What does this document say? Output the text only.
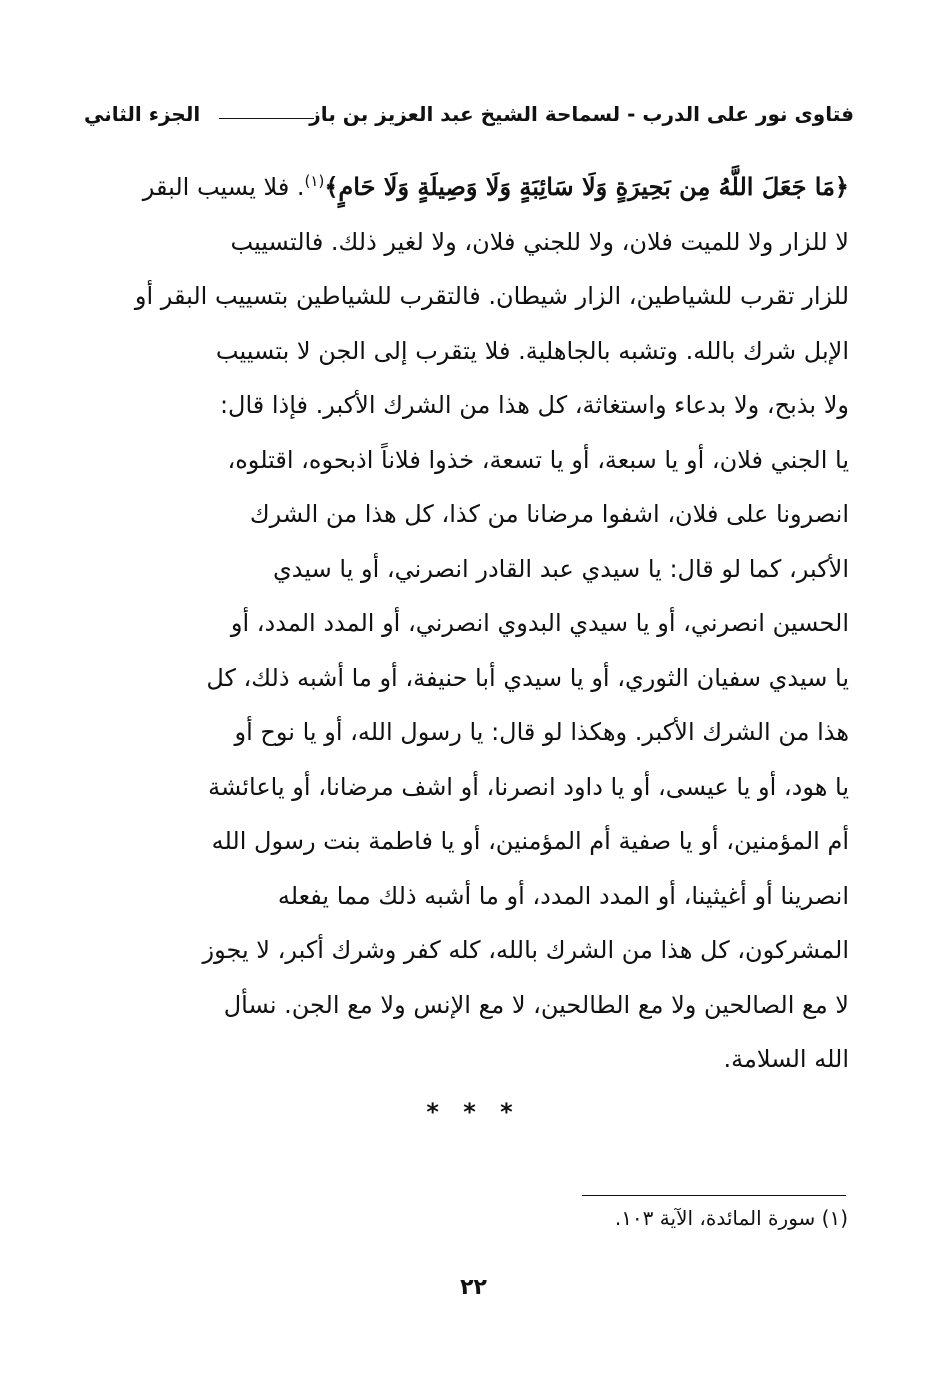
فتاوى نور على الدرب - لسماحة الشيخ عبد العزيز بن باز
الجزء الثاني
﴿مَا جَعَلَ اللَّهُ مِن بَحِيرَةٍ وَلَا سَائِبَةٍ وَلَا وَصِيلَةٍ وَلَا حَامٍ﴾$^{(١)}$. فلا يسيب البقر
لا للزار ولا للميت فلان، ولا للجني فلان، ولا لغير ذلك. فالتسييب
للزار تقرب للشياطين، الزار شيطان. فالتقرب للشياطين بتسييب البقر أو
الإبل شرك بالله. وتشبه بالجاهلية. فلا يتقرب إلى الجن لا بتسييب
ولا بذبح، ولا بدعاء واستغاثة، كل هذا من الشرك الأكبر. فإذا قال:
يا الجني فلان، أو يا سبعة، أو يا تسعة، خذوا فلاناً اذبحوه، اقتلوه،
انصرونا على فلان، اشفوا مرضانا من كذا، كل هذا من الشرك
الأكبر، كما لو قال: يا سيدي عبد القادر انصرني، أو يا سيدي
الحسين انصرني، أو يا سيدي البدوي انصرني، أو المدد المدد، أو
يا سيدي سفيان الثوري، أو يا سيدي أبا حنيفة، أو ما أشبه ذلك، كل
هذا من الشرك الأكبر. وهكذا لو قال: يا رسول الله، أو يا نوح أو
يا هود، أو يا عيسى، أو يا داود انصرنا، أو اشف مرضانا، أو ياعائشة
أم المؤمنين، أو يا صفية أم المؤمنين، أو يا فاطمة بنت رسول الله
انصرينا أو أغيثينا، أو المدد المدد، أو ما أشبه ذلك مما يفعله
المشركون، كل هذا من الشرك بالله، كله كفر وشرك أكبر، لا يجوز
لا مع الصالحين ولا مع الطالحين، لا مع الإنس ولا مع الجن. نسأل
الله السلامة.
* * *
(١) سورة المائدة، الآية ١٠٣.
٢٢
